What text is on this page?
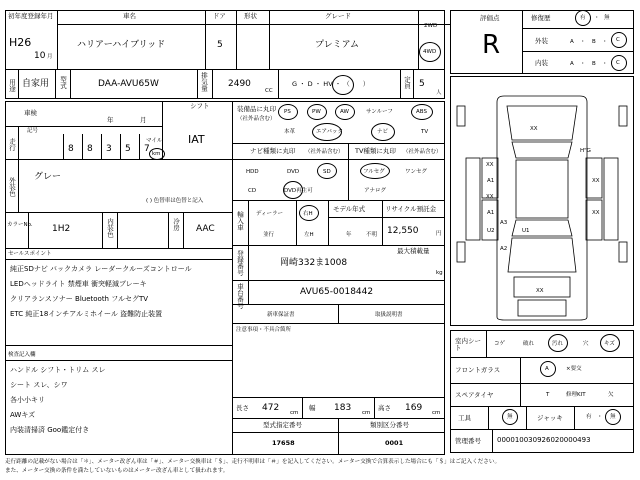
初年度登録年月
H26
10 月
車名
ハリアーハイブリッド
ドア
5
形状	グレード
プレミアム
2WD
4WD
用途 自家用 型式	DAA-AVU65W	排気量 2490
CC
G ・ D ・ HV ・ （　　）	定員 5
人
車検
年	月
シフト
IAT
走行
記号
8 8 3 5 7
マイル
km
外装色 グレー
( ) 色替車は色替と記入
カラーNo. 1H2	内装色	冷房 AAC
セールスポイント
純正SDナビ バックカメラ レーダークルーズコントロール
LEDヘッドライト 禁煙車 衝突軽減ブレーキ
クリアランスソナー Bluetooth フルセグTV
ETC 純正18インチアルミホイール 盗難防止装置
検査記入欄
ハンドル シフト・トリム スレ
シート スレ、シワ
各小小キリ
AWキズ
内装清掃済 Goo鑑定付き
装備品に丸印
（社外品含む）
PS	PW	AW	サンルーフ	ABS
本革	エアバック	ナビ	TV
ナビ種類に丸印 （社外品含む）
HDD	DVD	SD
CD	DVD再生可
TV種類に丸印 （社外品含む）
フルセグ	ワンセグ
アナログ
輸入車 ディーラー
並行
右H
左H
モデル年式
年	不明
リサイクル預託金
12,550	円
最大積載量
kg
登録番号	岡崎332ま1008
車台番号	AVU65-0018442
新車保証書	取扱説明書
注意事項・不具合箇所
長さ 472 cm
幅 183 cm
高さ 169 cm
型式指定番号
17658
類別区分番号
0001
評価点
R
修復歴	有 ・ 無
外装	A ・ B ・ C
内装	A ・ B ・ C
XX
XX
A1
XX
A1
U2	U1
A3
A2
XX
XX
XX
H"G
室内シート	コゲ	破れ	汚れ	穴	キズ
フロントガラス	A	×要交
スペアタイヤ	T	修理KIT	欠
工具	無	ジャッキ	有 ・ 無
管理番号 000010030926020000493
走行距離の記載がない場合は「＊」、メーター改ざん車は「＃」、メーター交換車は「＄」、走行不明車は「＃」を記入してください。メーター交換で合算表示した場合にも「＄」はご記入ください。
また、メーター交換の条件を満たしていないものはメーター改ざん車として扱われます。
